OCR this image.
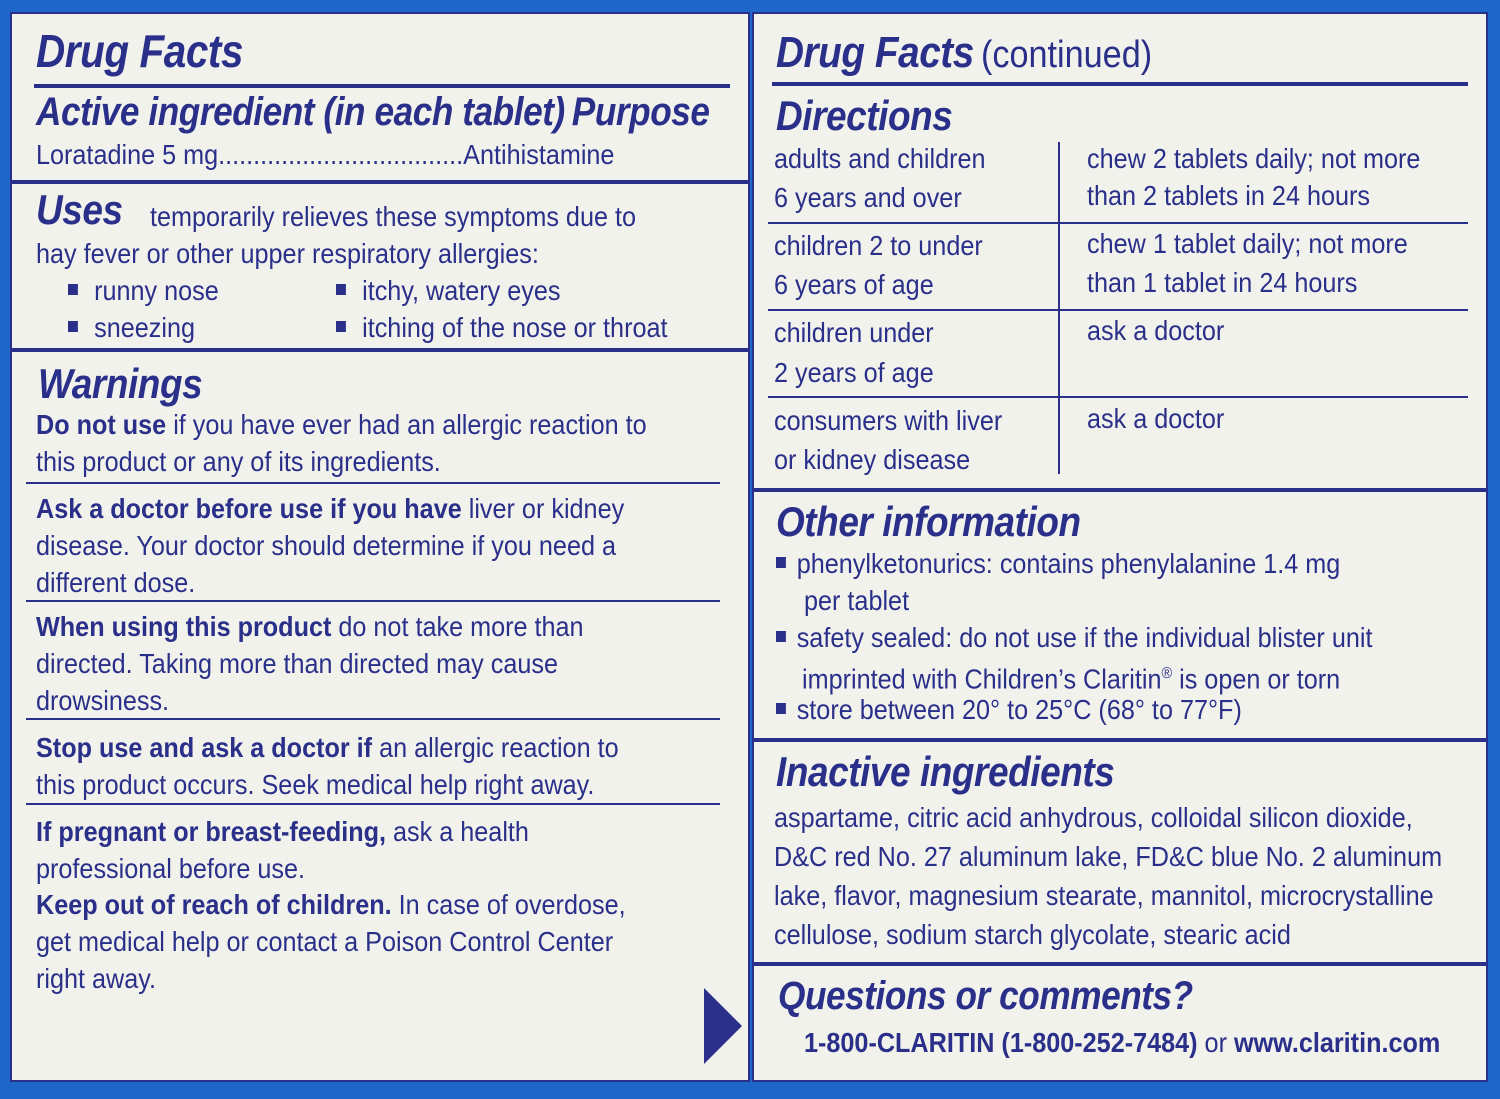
Drug Facts
Active ingredient (in each tablet) Purpose
Loratadine 5 mg...................................Antihistamine
Uses temporarily relieves these symptoms due to
hay fever or other upper respiratory allergies:
runny nose	itchy, watery eyes
sneezing	itching of the nose or throat
Warnings
Do not use if you have ever had an allergic reaction to
this product or any of its ingredients.
Ask a doctor before use if you have liver or kidney
disease. Your doctor should determine if you need a
different dose.
When using this product do not take more than
directed. Taking more than directed may cause
drowsiness.
Stop use and ask a doctor if an allergic reaction to
this product occurs. Seek medical help right away.
If pregnant or breast-feeding, ask a health
professional before use.
Keep out of reach of children. In case of overdose,
get medical help or contact a Poison Control Center
right away.
Drug Facts (continued)
Directions
adults and children
6 years and over
chew 2 tablets daily; not more
than 2 tablets in 24 hours
children 2 to under
6 years of age
chew 1 tablet daily; not more
than 1 tablet in 24 hours
children under
2 years of age
ask a doctor
consumers with liver
or kidney disease
ask a doctor
Other information
phenylketonurics: contains phenylalanine 1.4 mg
per tablet
safety sealed: do not use if the individual blister unit
imprinted with Children’s Claritin® is open or torn
store between 20° to 25°C (68° to 77°F)
Inactive ingredients
aspartame, citric acid anhydrous, colloidal silicon dioxide,
D&C red No. 27 aluminum lake, FD&C blue No. 2 aluminum
lake, flavor, magnesium stearate, mannitol, microcrystalline
cellulose, sodium starch glycolate, stearic acid
Questions or comments?
1-800-CLARITIN (1-800-252-7484) or www.claritin.com
